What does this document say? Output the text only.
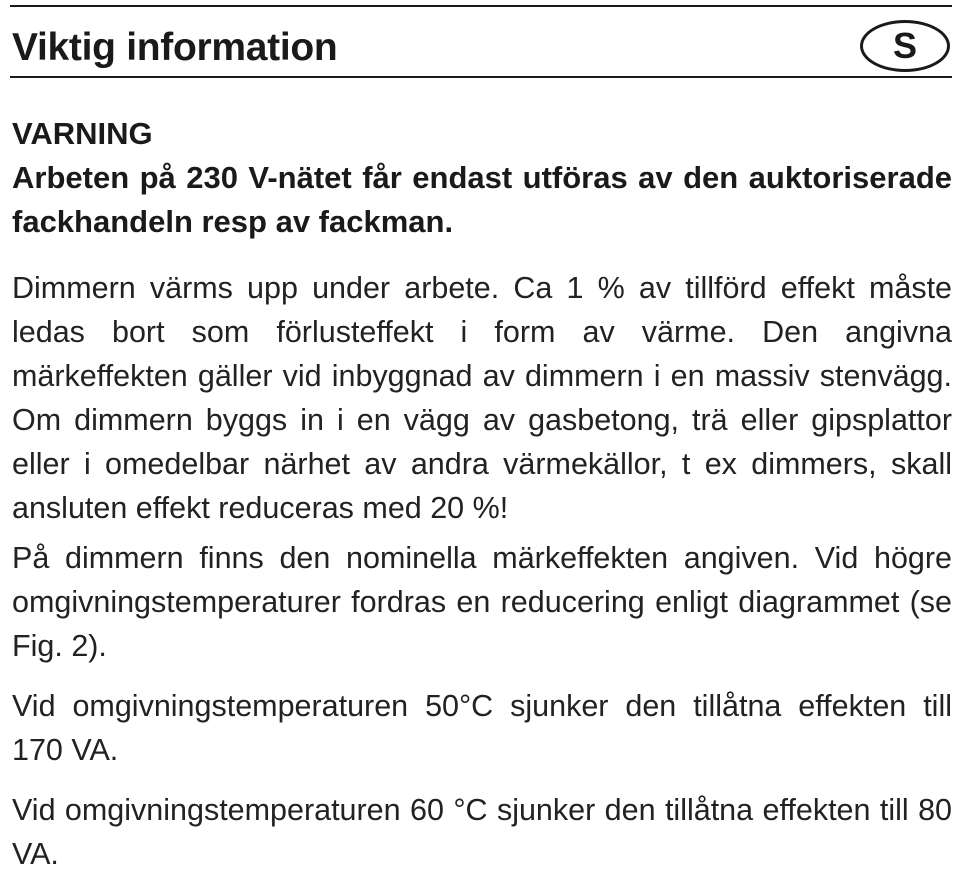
Viktig information	S

VARNING

Arbeten på 230 V-nätet får endast utföras av den auktoriserade fackhandeln resp av fackman.

Dimmern värms upp under arbete. Ca 1 % av tillförd effekt måste ledas bort som förlusteffekt i form av värme. Den angivna märkeffekten gäller vid inbyggnad av dimmern i en massiv stenvägg. Om dimmern byggs in i en vägg av gasbetong, trä eller gipsplattor eller i omedelbar närhet av andra värmekällor, t ex dimmers, skall ansluten effekt reduceras med 20 %!

På dimmern finns den nominella märkeffekten angiven. Vid högre omgivningstemperaturer fordras en reducering enligt diagrammet (se Fig. 2).

Vid omgivningstemperaturen 50°C sjunker den tillåtna effekten till 170 VA.

Vid omgivningstemperaturen 60 °C sjunker den tillåtna effekten till 80 VA.
